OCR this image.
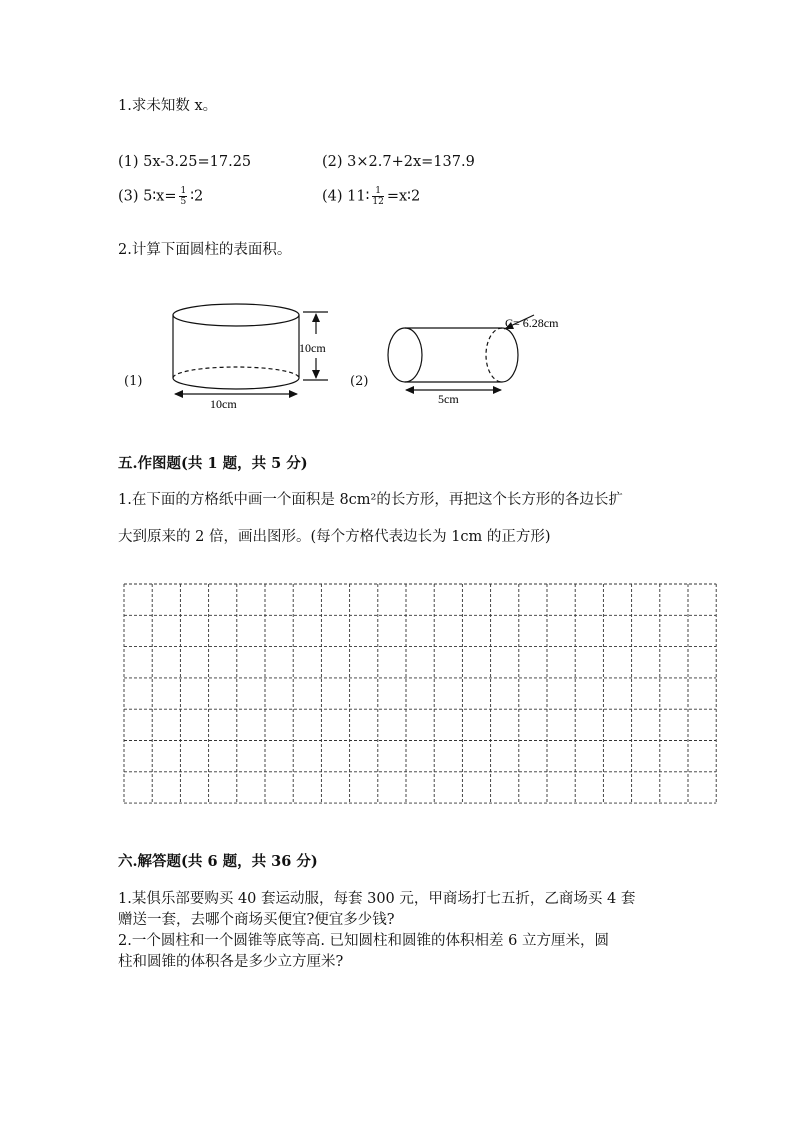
1.求未知数 x。
(1) 5x-3.25=17.25	(2) 3×2.7+2x=137.9
(3) 5∶x= $\frac{1}{5}$ ∶2	(4) 11∶ $\frac{1}{12}$ =x∶2
2.计算下面圆柱的表面积。
(1)
10cm
10cm
(2)
C= 6.28cm
5cm
五.作图题(共 1 题，共 5 分)
1.在下面的方格纸中画一个面积是 8cm²的长方形，再把这个长方形的各边长扩
大到原来的 2 倍，画出图形。(每个方格代表边长为 1cm 的正方形)
六.解答题(共 6 题，共 36 分)
1.某俱乐部要购买 40 套运动服，每套 300 元，甲商场打七五折，乙商场买 4 套
赠送一套，去哪个商场买便宜?便宜多少钱?
2.一个圆柱和一个圆锥等底等高. 已知圆柱和圆锥的体积相差 6 立方厘米，圆
柱和圆锥的体积各是多少立方厘米?
